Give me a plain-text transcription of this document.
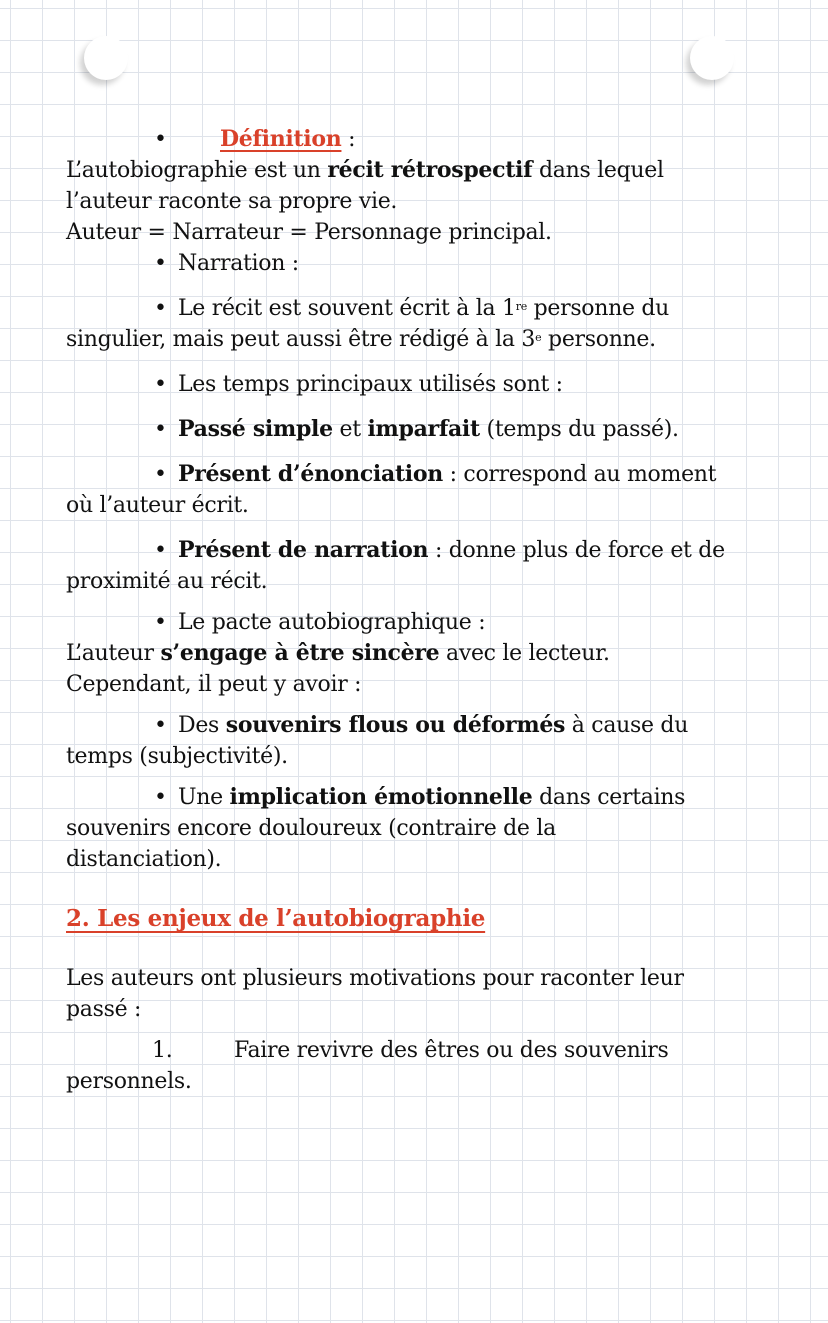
• Définition :
L’autobiographie est un récit rétrospectif dans lequel
l’auteur raconte sa propre vie.
Auteur = Narrateur = Personnage principal.
• Narration :
• Le récit est souvent écrit à la 1re personne du
singulier, mais peut aussi être rédigé à la 3e personne.
• Les temps principaux utilisés sont :
• Passé simple et imparfait (temps du passé).
• Présent d’énonciation : correspond au moment
où l’auteur écrit.
• Présent de narration : donne plus de force et de
proximité au récit.
• Le pacte autobiographique :
L’auteur s’engage à être sincère avec le lecteur.
Cependant, il peut y avoir :
• Des souvenirs flous ou déformés à cause du
temps (subjectivité).
• Une implication émotionnelle dans certains
souvenirs encore douloureux (contraire de la
distanciation).
2. Les enjeux de l’autobiographie
Les auteurs ont plusieurs motivations pour raconter leur
passé :
1.	Faire revivre des êtres ou des souvenirs
personnels.
